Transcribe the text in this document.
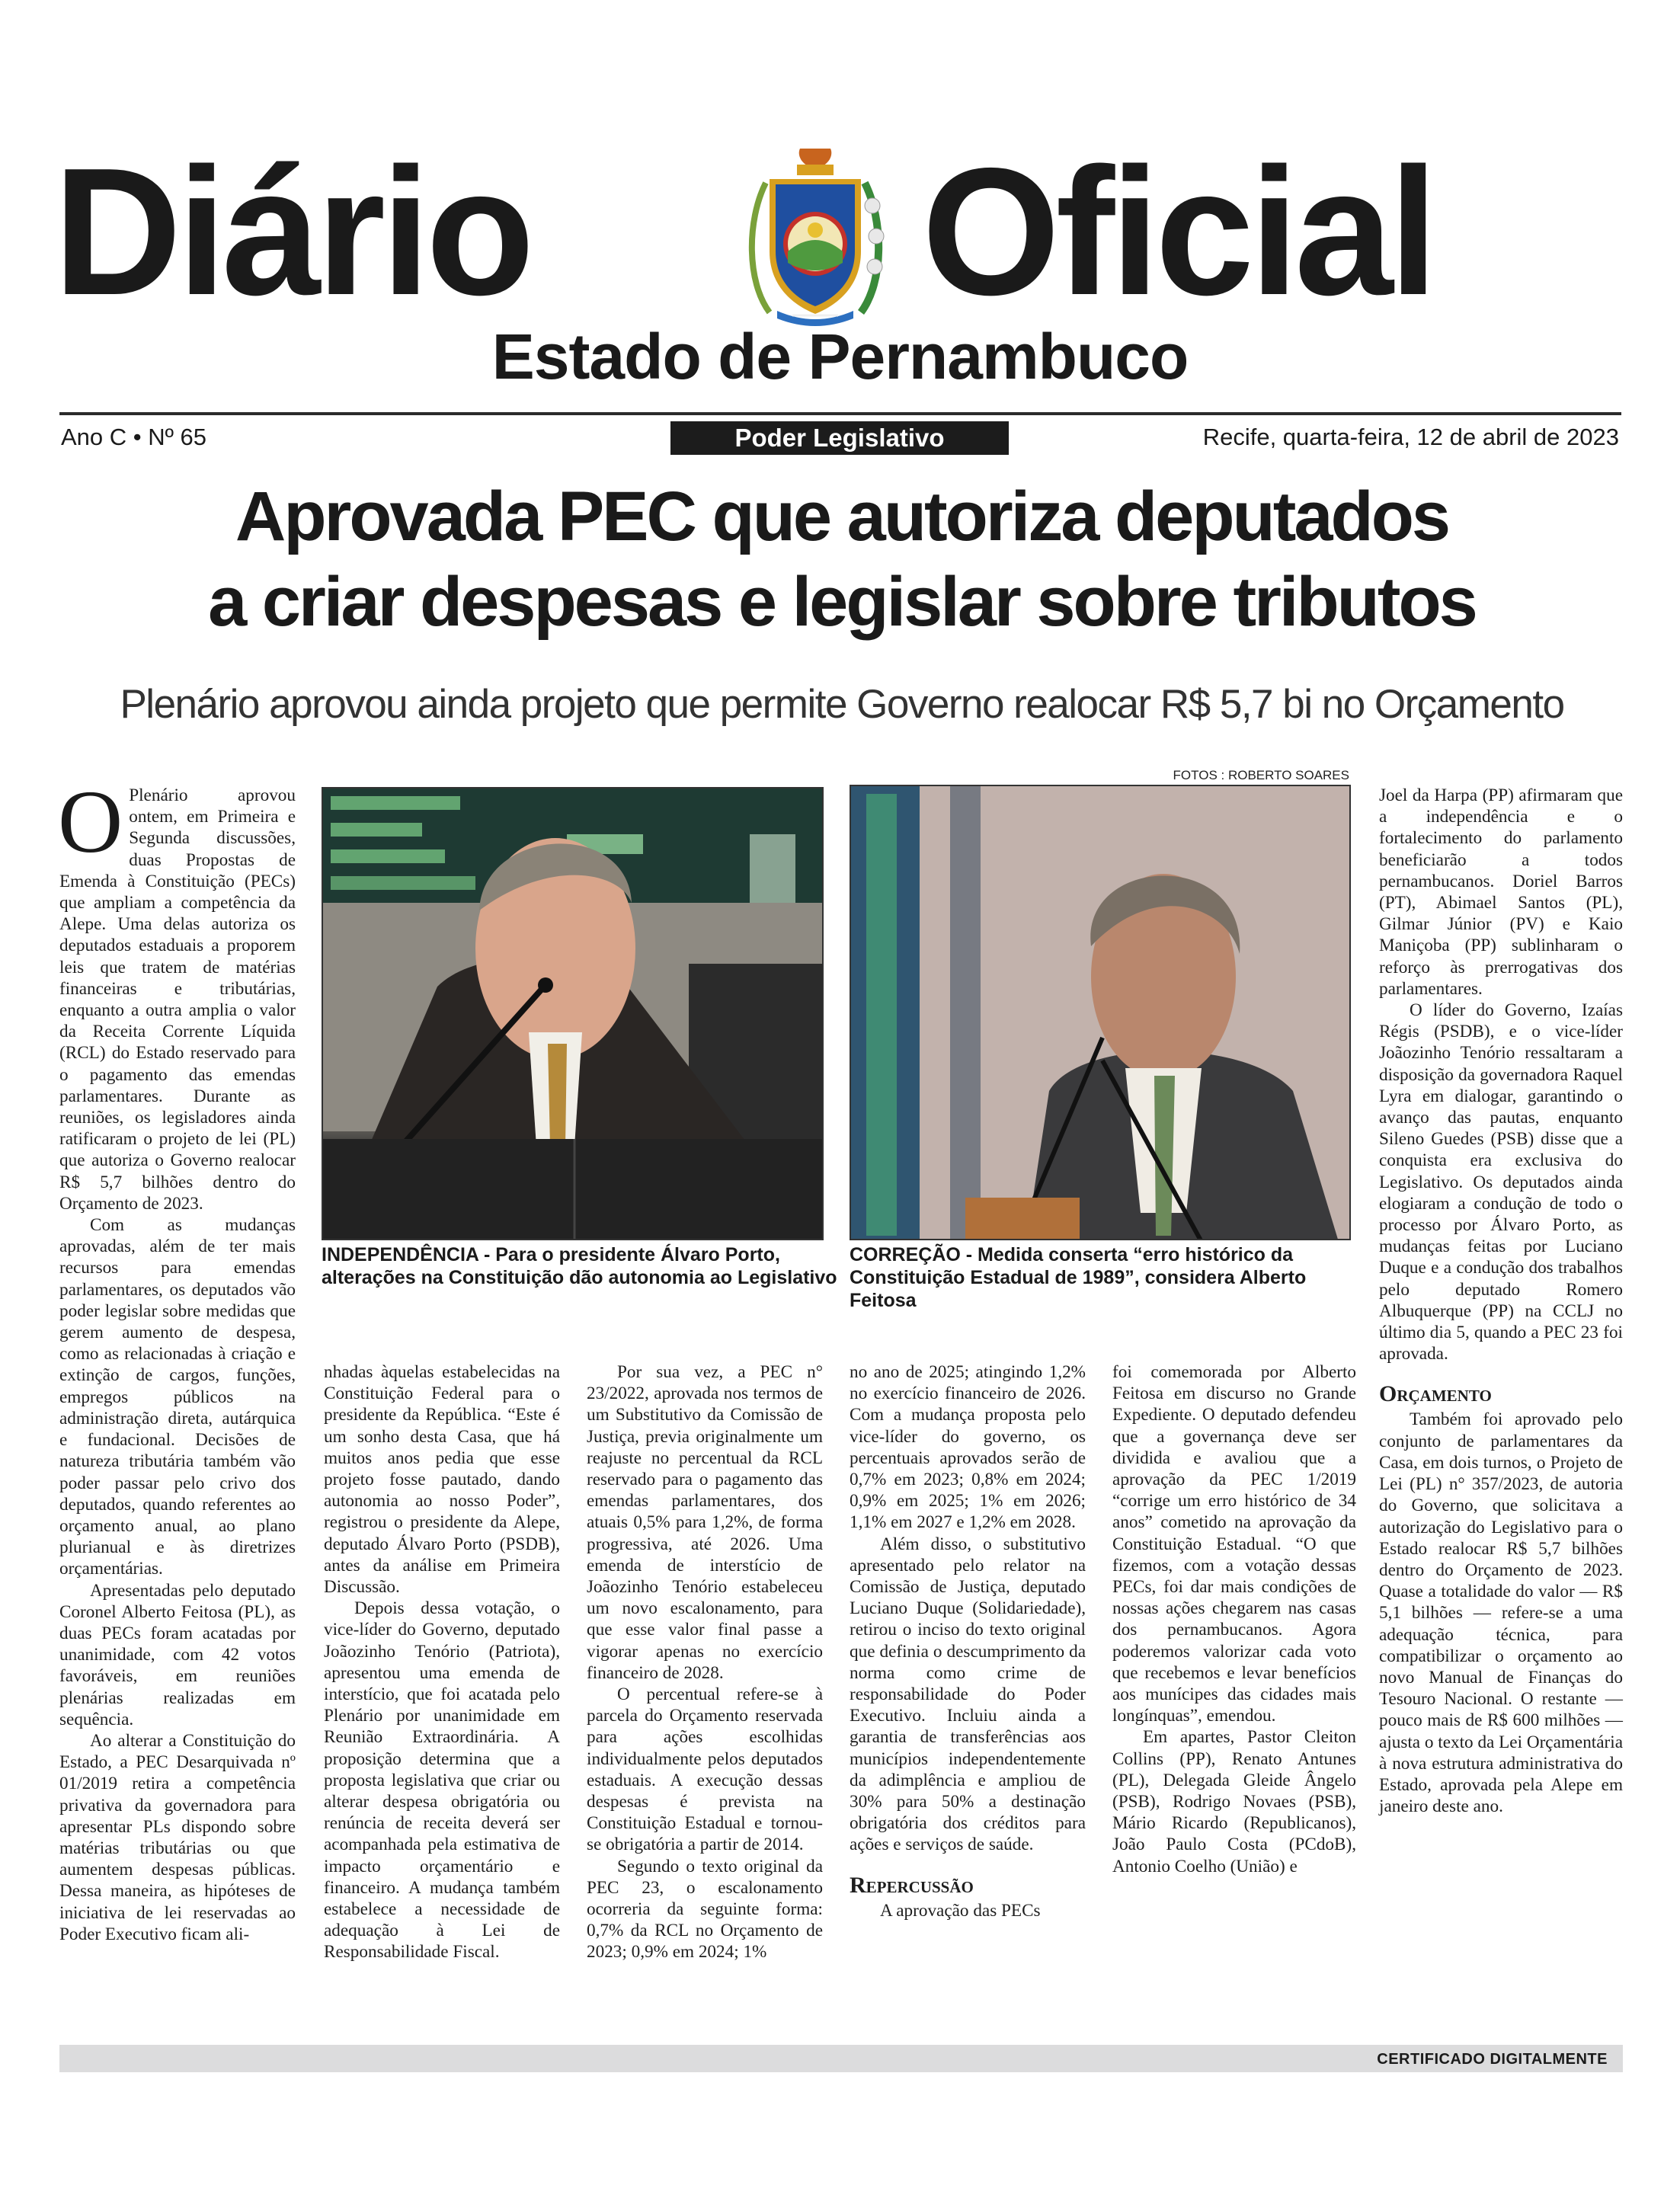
Diário Oficial
Estado de Pernambuco
Ano C • Nº 65	Poder Legislativo	Recife, quarta-feira, 12 de abril de 2023
Aprovada PEC que autoriza deputados
a criar despesas e legislar sobre tributos
Plenário aprovou ainda projeto que permite Governo realocar R$ 5,7 bi no Orçamento
FOTOS : ROBERTO SOARES
INDEPENDÊNCIA - Para o presidente Álvaro Porto, alterações na Constituição dão autonomia ao Legislativo
CORREÇÃO - Medida conserta “erro histórico da Constituição Estadual de 1989”, considera Alberto Feitosa

O Plenário aprovou ontem, em Primeira e Segunda discussões, duas Propostas de Emenda à Constituição (PECs) que ampliam a competência da Alepe. Uma delas autoriza os deputados estaduais a proporem leis que tratem de matérias financeiras e tributárias, enquanto a outra amplia o valor da Receita Corrente Líquida (RCL) do Estado reservado para o pagamento das emendas parlamentares. Durante as reuniões, os legisladores ainda ratificaram o projeto de lei (PL) que autoriza o Governo realocar R$ 5,7 bilhões dentro do Orçamento de 2023.

Com as mudanças aprovadas, além de ter mais recursos para emendas parlamentares, os deputados vão poder legislar sobre medidas que gerem aumento de despesa, como as relacionadas à criação e extinção de cargos, funções, empregos públicos na administração direta, autárquica e fundacional. Decisões de natureza tributária também vão poder passar pelo crivo dos deputados, quando referentes ao orçamento anual, ao plano plurianual e às diretrizes orçamentárias.

Apresentadas pelo deputado Coronel Alberto Feitosa (PL), as duas PECs foram acatadas por unanimidade, com 42 votos favoráveis, em reuniões plenárias realizadas em sequência.

Ao alterar a Constituição do Estado, a PEC Desarquivada nº 01/2019 retira a competência privativa da governadora para apresentar PLs dispondo sobre matérias tributárias ou que aumentem despesas públicas. Dessa maneira, as hipóteses de iniciativa de lei reservadas ao Poder Executivo ficam ali-

nhadas àquelas estabelecidas na Constituição Federal para o presidente da República. “Este é um sonho desta Casa, que há muitos anos pedia que esse projeto fosse pautado, dando autonomia ao nosso Poder”, registrou o presidente da Alepe, deputado Álvaro Porto (PSDB), antes da análise em Primeira Discussão.

Depois dessa votação, o vice-líder do Governo, deputado Joãozinho Tenório (Patriota), apresentou uma emenda de interstício, que foi acatada pelo Plenário por unanimidade em Reunião Extraordinária. A proposição determina que a proposta legislativa que criar ou alterar despesa obrigatória ou renúncia de receita deverá ser acompanhada pela estimativa de impacto orçamentário e financeiro. A mudança também estabelece a necessidade de adequação à Lei de Responsabilidade Fiscal.

Por sua vez, a PEC n° 23/2022, aprovada nos termos de um Substitutivo da Comissão de Justiça, previa originalmente um reajuste no percentual da RCL reservado para o pagamento das emendas parlamentares, dos atuais 0,5% para 1,2%, de forma progressiva, até 2026. Uma emenda de interstício de Joãozinho Tenório estabeleceu um novo escalonamento, para que esse valor final passe a vigorar apenas no exercício financeiro de 2028.

O percentual refere-se à parcela do Orçamento reservada para ações escolhidas individualmente pelos deputados estaduais. A execução dessas despesas é prevista na Constituição Estadual e tornou-se obrigatória a partir de 2014.

Segundo o texto original da PEC 23, o escalonamento ocorreria da seguinte forma: 0,7% da RCL no Orçamento de 2023; 0,9% em 2024; 1%

no ano de 2025; atingindo 1,2% no exercício financeiro de 2026. Com a mudança proposta pelo vice-líder do governo, os percentuais aprovados serão de 0,7% em 2023; 0,8% em 2024; 0,9% em 2025; 1% em 2026; 1,1% em 2027 e 1,2% em 2028.

Além disso, o substitutivo apresentado pelo relator na Comissão de Justiça, deputado Luciano Duque (Solidariedade), retirou o inciso do texto original que definia o descumprimento da norma como crime de responsabilidade do Poder Executivo. Incluiu ainda a garantia de transferências aos municípios independentemente da adimplência e ampliou de 30% para 50% a destinação obrigatória dos créditos para ações e serviços de saúde.

Repercussão

A aprovação das PECs

foi comemorada por Alberto Feitosa em discurso no Grande Expediente. O deputado defendeu que a governança deve ser dividida e avaliou que a aprovação da PEC 1/2019 “corrige um erro histórico de 34 anos” cometido na aprovação da Constituição Estadual. “O que fizemos, com a votação dessas PECs, foi dar mais condições de nossas ações chegarem nas casas dos pernambucanos. Agora poderemos valorizar cada voto que recebemos e levar benefícios aos munícipes das cidades mais longínquas”, emendou.

Em apartes, Pastor Cleiton Collins (PP), Renato Antunes (PL), Delegada Gleide Ângelo (PSB), Rodrigo Novaes (PSB), Mário Ricardo (Republicanos), João Paulo Costa (PCdoB), Antonio Coelho (União) e

Joel da Harpa (PP) afirmaram que a independência e o fortalecimento do parlamento beneficiarão a todos pernambucanos. Doriel Barros (PT), Abimael Santos (PL), Gilmar Júnior (PV) e Kaio Maniçoba (PP) sublinharam o reforço às prerrogativas dos parlamentares.

O líder do Governo, Izaías Régis (PSDB), e o vice-líder Joãozinho Tenório ressaltaram a disposição da governadora Raquel Lyra em dialogar, garantindo o avanço das pautas, enquanto Sileno Guedes (PSB) disse que a conquista era exclusiva do Legislativo. Os deputados ainda elogiaram a condução de todo o processo por Álvaro Porto, as mudanças feitas por Luciano Duque e a condução dos trabalhos pelo deputado Romero Albuquerque (PP) na CCLJ no último dia 5, quando a PEC 23 foi aprovada.

Orçamento

Também foi aprovado pelo conjunto de parlamentares da Casa, em dois turnos, o Projeto de Lei (PL) n° 357/2023, de autoria do Governo, que solicitava a autorização do Legislativo para o Estado realocar R$ 5,7 bilhões dentro do Orçamento de 2023. Quase a totalidade do valor — R$ 5,1 bilhões — refere-se a uma adequação técnica, para compatibilizar o orçamento ao novo Manual de Finanças do Tesouro Nacional. O restante — pouco mais de R$ 600 milhões — ajusta o texto da Lei Orçamentária à nova estrutura administrativa do Estado, aprovada pela Alepe em janeiro deste ano.

CERTIFICADO DIGITALMENTE
